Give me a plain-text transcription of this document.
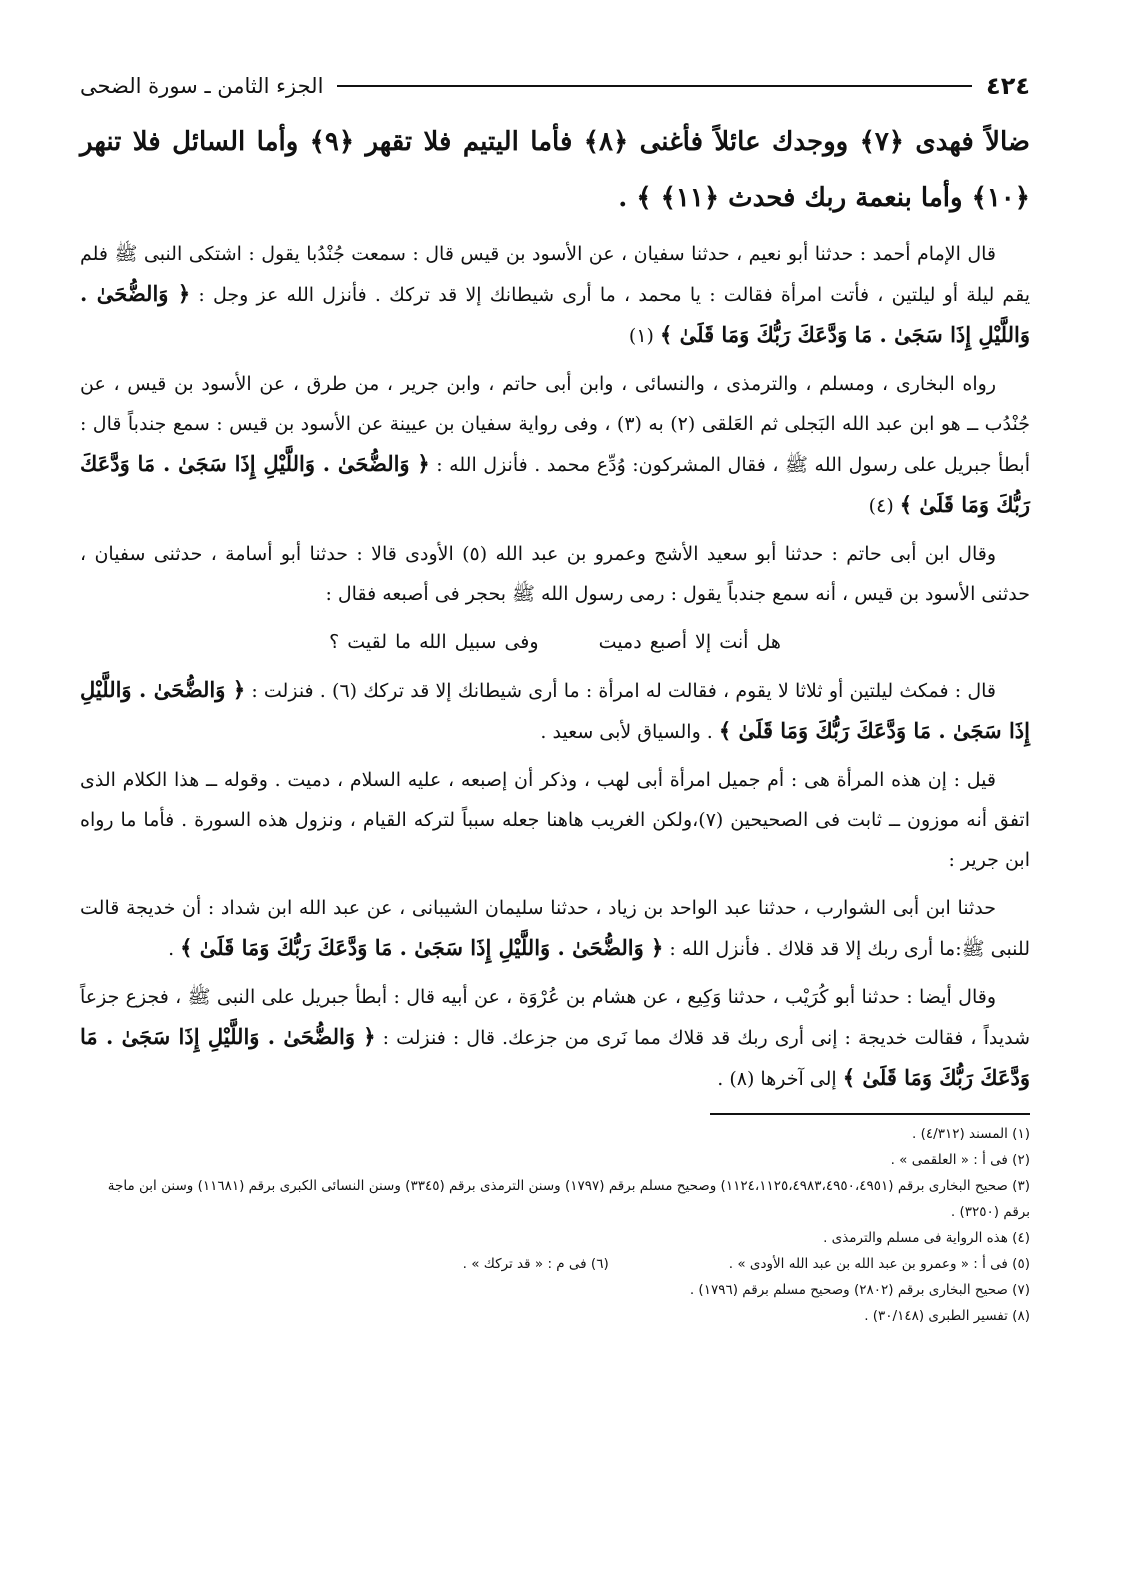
٤٢٤
الجزء الثامن ـ سورة الضحى
ضالاً فهدى ﴿٧﴾ ووجدك عائلاً فأغنى ﴿٨﴾ فأما اليتيم فلا تقهر ﴿٩﴾ وأما السائل فلا تنهر ﴿١٠﴾ وأما بنعمة ربك فحدث ﴿١١﴾ ﴾ .

قال الإمام أحمد : حدثنا أبو نعيم ، حدثنا سفيان ، عن الأسود بن قيس قال : سمعت جُنْدُبا يقول : اشتكى النبى ﷺ فلم يقم ليلة أو ليلتين ، فأتت امرأة فقالت : يا محمد ، ما أرى شيطانك إلا قد تركك . فأنزل الله عز وجل : ﴿ وَالضُّحَىٰ . وَاللَّيْلِ إِذَا سَجَىٰ . مَا وَدَّعَكَ رَبُّكَ وَمَا قَلَىٰ ﴾ (١)

رواه البخارى ، ومسلم ، والترمذى ، والنسائى ، وابن أبى حاتم ، وابن جرير ، من طرق ، عن الأسود بن قيس ، عن جُنْدُب ــ هو ابن عبد الله البَجلى ثم العَلقى (٢) به (٣) ، وفى رواية سفيان بن عيينة عن الأسود بن قيس : سمع جندباً قال : أبطأ جبريل على رسول الله ﷺ ، فقال المشركون: وُدِّع محمد . فأنزل الله : ﴿ وَالضُّحَىٰ . وَاللَّيْلِ إِذَا سَجَىٰ . مَا وَدَّعَكَ رَبُّكَ وَمَا قَلَىٰ ﴾ (٤)

وقال ابن أبى حاتم : حدثنا أبو سعيد الأشج وعمرو بن عبد الله (٥) الأودى قالا : حدثنا أبو أسامة ، حدثنى سفيان ، حدثنى الأسود بن قيس ، أنه سمع جندباً يقول : رمى رسول الله ﷺ بحجر فى أصبعه فقال :

هل أنت إلا أصبع دميت  وفى سبيل الله ما لقيت ؟

قال : فمكث ليلتين أو ثلاثا لا يقوم ، فقالت له امرأة : ما أرى شيطانك إلا قد تركك (٦) . فنزلت : ﴿ وَالضُّحَىٰ . وَاللَّيْلِ إِذَا سَجَىٰ . مَا وَدَّعَكَ رَبُّكَ وَمَا قَلَىٰ ﴾ . والسياق لأبى سعيد .

قيل : إن هذه المرأة هى : أم جميل امرأة أبى لهب ، وذكر أن إصبعه ، عليه السلام ، دميت . وقوله ــ هذا الكلام الذى اتفق أنه موزون ــ ثابت فى الصحيحين (٧)،ولكن الغريب هاهنا جعله سبباً لتركه القيام ، ونزول هذه السورة . فأما ما رواه ابن جرير :

حدثنا ابن أبى الشوارب ، حدثنا عبد الواحد بن زياد ، حدثنا سليمان الشيبانى ، عن عبد الله ابن شداد : أن خديجة قالت للنبى ﷺ:ما أرى ربك إلا قد قلاك . فأنزل الله : ﴿ وَالضُّحَىٰ . وَاللَّيْلِ إِذَا سَجَىٰ . مَا وَدَّعَكَ رَبُّكَ وَمَا قَلَىٰ ﴾ .

وقال أيضا : حدثنا أبو كُرَيْب ، حدثنا وَكِيع ، عن هشام بن عُرْوَة ، عن أبيه قال : أبطأ جبريل على النبى ﷺ ، فجزع جزعاً شديداً ، فقالت خديجة : إنى أرى ربك قد قلاك مما نَرى من جزعك. قال : فنزلت : ﴿ وَالضُّحَىٰ . وَاللَّيْلِ إِذَا سَجَىٰ . مَا وَدَّعَكَ رَبُّكَ وَمَا قَلَىٰ ﴾ إلى آخرها (٨) .

(١) المسند (٤/٣١٢) .
(٢) فى أ : « العلقمى » .
(٣) صحيح البخارى برقم (١١٢٤،١١٢٥،٤٩٨٣،٤٩٥٠،٤٩٥١) وصحيح مسلم برقم (١٧٩٧) وسنن الترمذى برقم (٣٣٤٥) وسنن النسائى الكبرى برقم (١١٦٨١) وسنن ابن ماجة برقم (٣٢٥٠) .
(٤) هذه الرواية فى مسلم والترمذى .
(٥) فى أ : « وعمرو بن عبد الله بن عبد الله الأودى » .
(٦) فى م : « قد تركك » .
(٧) صحيح البخارى برقم (٢٨٠٢) وصحيح مسلم برقم (١٧٩٦) .
(٨) تفسير الطبرى (٣٠/١٤٨) .
